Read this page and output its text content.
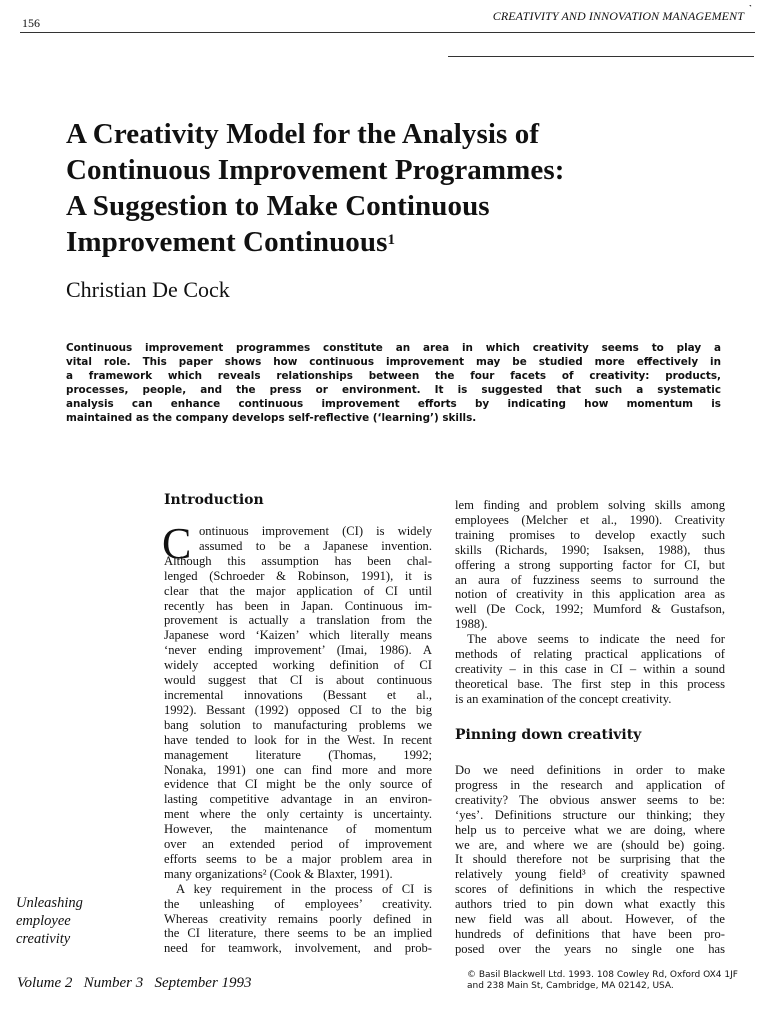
156	CREATIVITY AND INNOVATION MANAGEMENT ˺
A Creativity Model for the Analysis of
Continuous Improvement Programmes:
A Suggestion to Make Continuous
Improvement Continuous$^1$
Christian De Cock
Continuous improvement programmes constitute an area in which creativity seems to play a
vital role. This paper shows how continuous improvement may be studied more effectively in
a framework which reveals relationships between the four facets of creativity: products,
processes, people, and the press or environment. It is suggested that such a systematic
analysis can enhance continuous improvement efforts by indicating how momentum is
maintained as the company develops self-reflective (‘learning’) skills.
Introduction
C ontinuous improvement (CI) is widely
assumed to be a Japanese invention.
Although this assumption has been chal-
lenged (Schroeder & Robinson, 1991), it is
clear that the major application of CI until
recently has been in Japan. Continuous im-
provement is actually a translation from the
Japanese word ‘Kaizen’ which literally means
‘never ending improvement’ (Imai, 1986). A
widely accepted working definition of CI
would suggest that CI is about continuous
incremental innovations (Bessant et al.,
1992). Bessant (1992) opposed CI to the big
bang solution to manufacturing problems we
have tended to look for in the West. In recent
management literature (Thomas, 1992;
Nonaka, 1991) one can find more and more
evidence that CI might be the only source of
lasting competitive advantage in an environ-
ment where the only certainty is uncertainty.
However, the maintenance of momentum
over an extended period of improvement
efforts seems to be a major problem area in
many organizations² (Cook & Blaxter, 1991).
A key requirement in the process of CI is
the unleashing of employees’ creativity.
Whereas creativity remains poorly defined in
the CI literature, there seems to be an implied
need for teamwork, involvement, and prob-
lem finding and problem solving skills among
employees (Melcher et al., 1990). Creativity
training promises to develop exactly such
skills (Richards, 1990; Isaksen, 1988), thus
offering a strong supporting factor for CI, but
an aura of fuzziness seems to surround the
notion of creativity in this application area as
well (De Cock, 1992; Mumford & Gustafson,
1988).
The above seems to indicate the need for
methods of relating practical applications of
creativity – in this case in CI – within a sound
theoretical base. The first step in this process
is an examination of the concept creativity.
Pinning down creativity
Do we need definitions in order to make
progress in the research and application of
creativity? The obvious answer seems to be:
‘yes’. Definitions structure our thinking; they
help us to perceive what we are doing, where
we are, and where we are (should be) going.
It should therefore not be surprising that the
relatively young field³ of creativity spawned
scores of definitions in which the respective
authors tried to pin down what exactly this
new field was all about. However, of the
hundreds of definitions that have been pro-
posed over the years no single one has
Unleashing
employee
creativity
Volume 2   Number 3   September 1993	© Basil Blackwell Ltd. 1993. 108 Cowley Rd, Oxford OX4 1JF
and 238 Main St, Cambridge, MA 02142, USA.
